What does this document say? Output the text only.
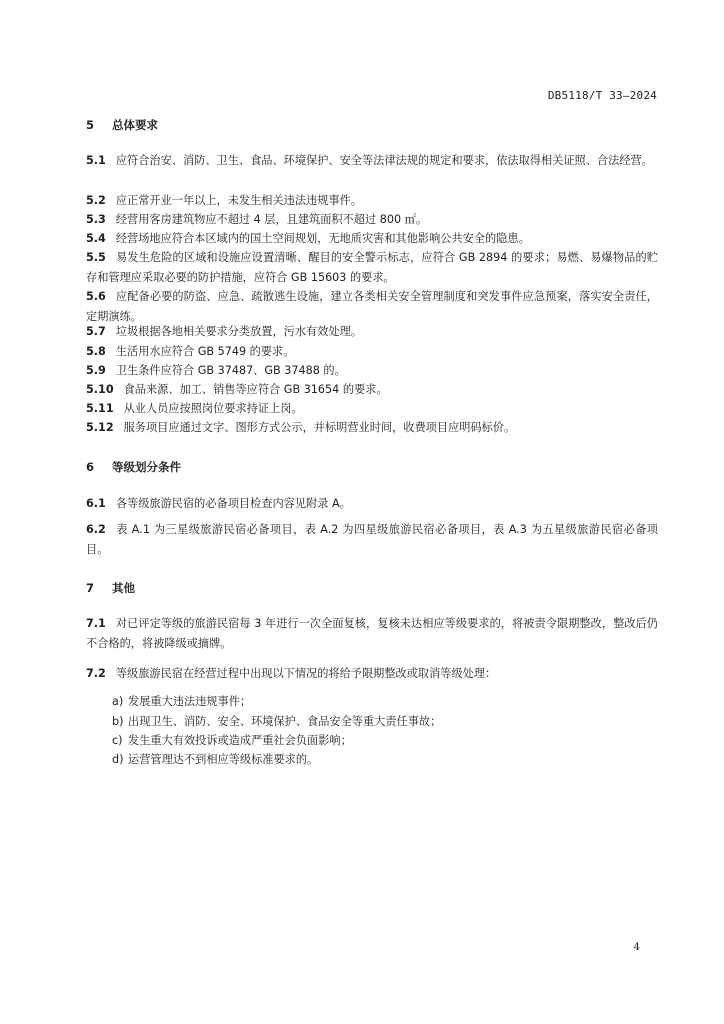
DB5118/T 33—2024
5 总体要求
5.1 应符合治安、消防、卫生、食品、环境保护、安全等法律法规的规定和要求，依法取得相关证照、合法经营。
5.2 应正常开业一年以上，未发生相关违法违规事件。
5.3 经营用客房建筑物应不超过 4 层，且建筑面积不超过 800 ㎡。
5.4 经营场地应符合本区域内的国土空间规划，无地质灾害和其他影响公共安全的隐患。
5.5 易发生危险的区域和设施应设置清晰、醒目的安全警示标志，应符合 GB 2894 的要求；易燃、易爆物品的贮存和管理应采取必要的防护措施，应符合 GB 15603 的要求。
5.6 应配备必要的防盗、应急、疏散逃生设施，建立各类相关安全管理制度和突发事件应急预案，落实安全责任，定期演练。
5.7 垃圾根据各地相关要求分类放置，污水有效处理。
5.8 生活用水应符合 GB 5749 的要求。
5.9 卫生条件应符合 GB 37487、GB 37488 的。
5.10 食品来源、加工、销售等应符合 GB 31654 的要求。
5.11 从业人员应按照岗位要求持证上岗。
5.12 服务项目应通过文字、图形方式公示，并标明营业时间，收费项目应明码标价。
6 等级划分条件
6.1 各等级旅游民宿的必备项目检查内容见附录 A。
6.2 表 A.1 为三星级旅游民宿必备项目，表 A.2 为四星级旅游民宿必备项目，表 A.3 为五星级旅游民宿必备项目。
7 其他
7.1 对已评定等级的旅游民宿每 3 年进行一次全面复核，复核未达相应等级要求的，将被责令限期整改，整改后仍不合格的，将被降级或摘牌。
7.2 等级旅游民宿在经营过程中出现以下情况的将给予限期整改或取消等级处理：
a) 发展重大违法违规事件；
b) 出现卫生、消防、安全、环境保护、食品安全等重大责任事故；
c) 发生重大有效投诉或造成严重社会负面影响；
d) 运营管理达不到相应等级标准要求的。
4
